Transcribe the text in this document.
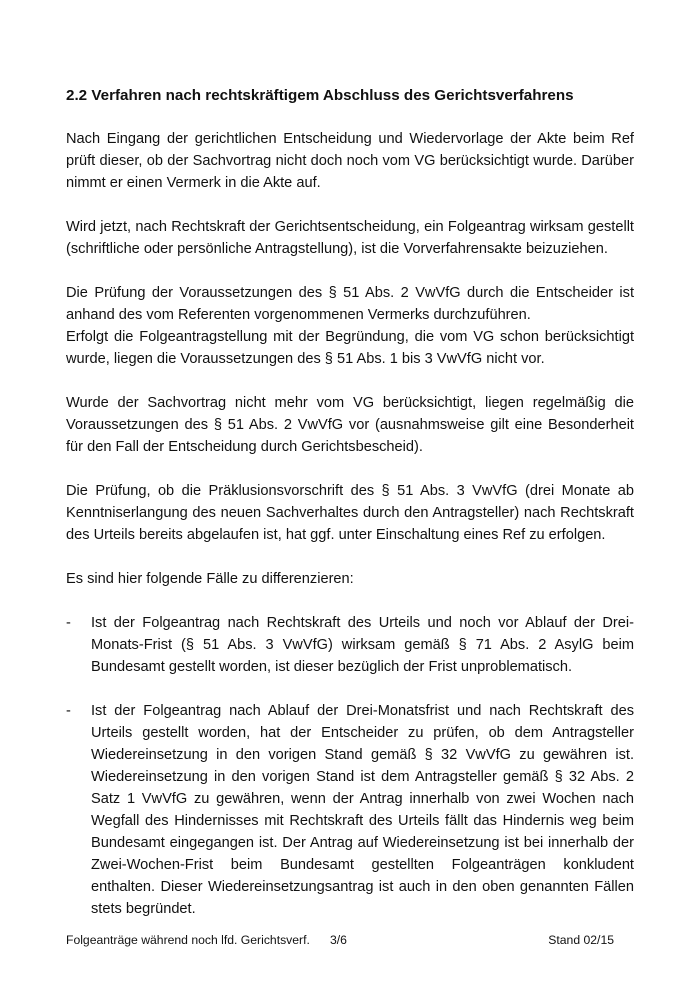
2.2 Verfahren nach rechtskräftigem Abschluss des Gerichtsverfahrens

Nach Eingang der gerichtlichen Entscheidung und Wiedervorlage der Akte beim Ref prüft dieser, ob der Sachvortrag nicht doch noch vom VG berücksichtigt wurde. Darüber nimmt er einen Vermerk in die Akte auf.

Wird jetzt, nach Rechtskraft der Gerichtsentscheidung, ein Folgeantrag wirksam gestellt (schriftliche oder persönliche Antragstellung), ist die Vorverfahrensakte beizuziehen.

Die Prüfung der Voraussetzungen des § 51 Abs. 2 VwVfG durch die Entscheider ist anhand des vom Referenten vorgenommenen Vermerks durchzuführen.

Erfolgt die Folgeantragstellung mit der Begründung, die vom VG schon berücksichtigt wurde, liegen die Voraussetzungen des § 51 Abs. 1 bis 3 VwVfG nicht vor.

Wurde der Sachvortrag nicht mehr vom VG berücksichtigt, liegen regelmäßig die Voraussetzungen des § 51 Abs. 2 VwVfG vor (ausnahmsweise gilt eine Besonderheit für den Fall der Entscheidung durch Gerichtsbescheid).

Die Prüfung, ob die Präklusionsvorschrift des § 51 Abs. 3 VwVfG (drei Monate ab Kenntniserlangung des neuen Sachverhaltes durch den Antragsteller) nach Rechtskraft des Urteils bereits abgelaufen ist, hat ggf. unter Einschaltung eines Ref zu erfolgen.

Es sind hier folgende Fälle zu differenzieren:

- Ist der Folgeantrag nach Rechtskraft des Urteils und noch vor Ablauf der Drei-Monats-Frist (§ 51 Abs. 3 VwVfG) wirksam gemäß § 71 Abs. 2 AsylG beim Bundesamt gestellt worden, ist dieser bezüglich der Frist unproblematisch.

- Ist der Folgeantrag nach Ablauf der Drei-Monatsfrist und nach Rechtskraft des Urteils gestellt worden, hat der Entscheider zu prüfen, ob dem Antragsteller Wiedereinsetzung in den vorigen Stand gemäß § 32 VwVfG zu gewähren ist. Wiedereinsetzung in den vorigen Stand ist dem Antragsteller gemäß § 32 Abs. 2 Satz 1 VwVfG zu gewähren, wenn der Antrag innerhalb von zwei Wochen nach Wegfall des Hindernisses mit Rechtskraft des Urteils fällt das Hindernis weg beim Bundesamt eingegangen ist. Der Antrag auf Wiedereinsetzung ist bei innerhalb der Zwei-Wochen-Frist beim Bundesamt gestellten Folgeanträgen konkludent enthalten. Dieser Wiedereinsetzungsantrag ist auch in den oben genannten Fällen stets begründet.

Folgeanträge während noch lfd. Gerichtsverf. 3/6	Stand 02/15
